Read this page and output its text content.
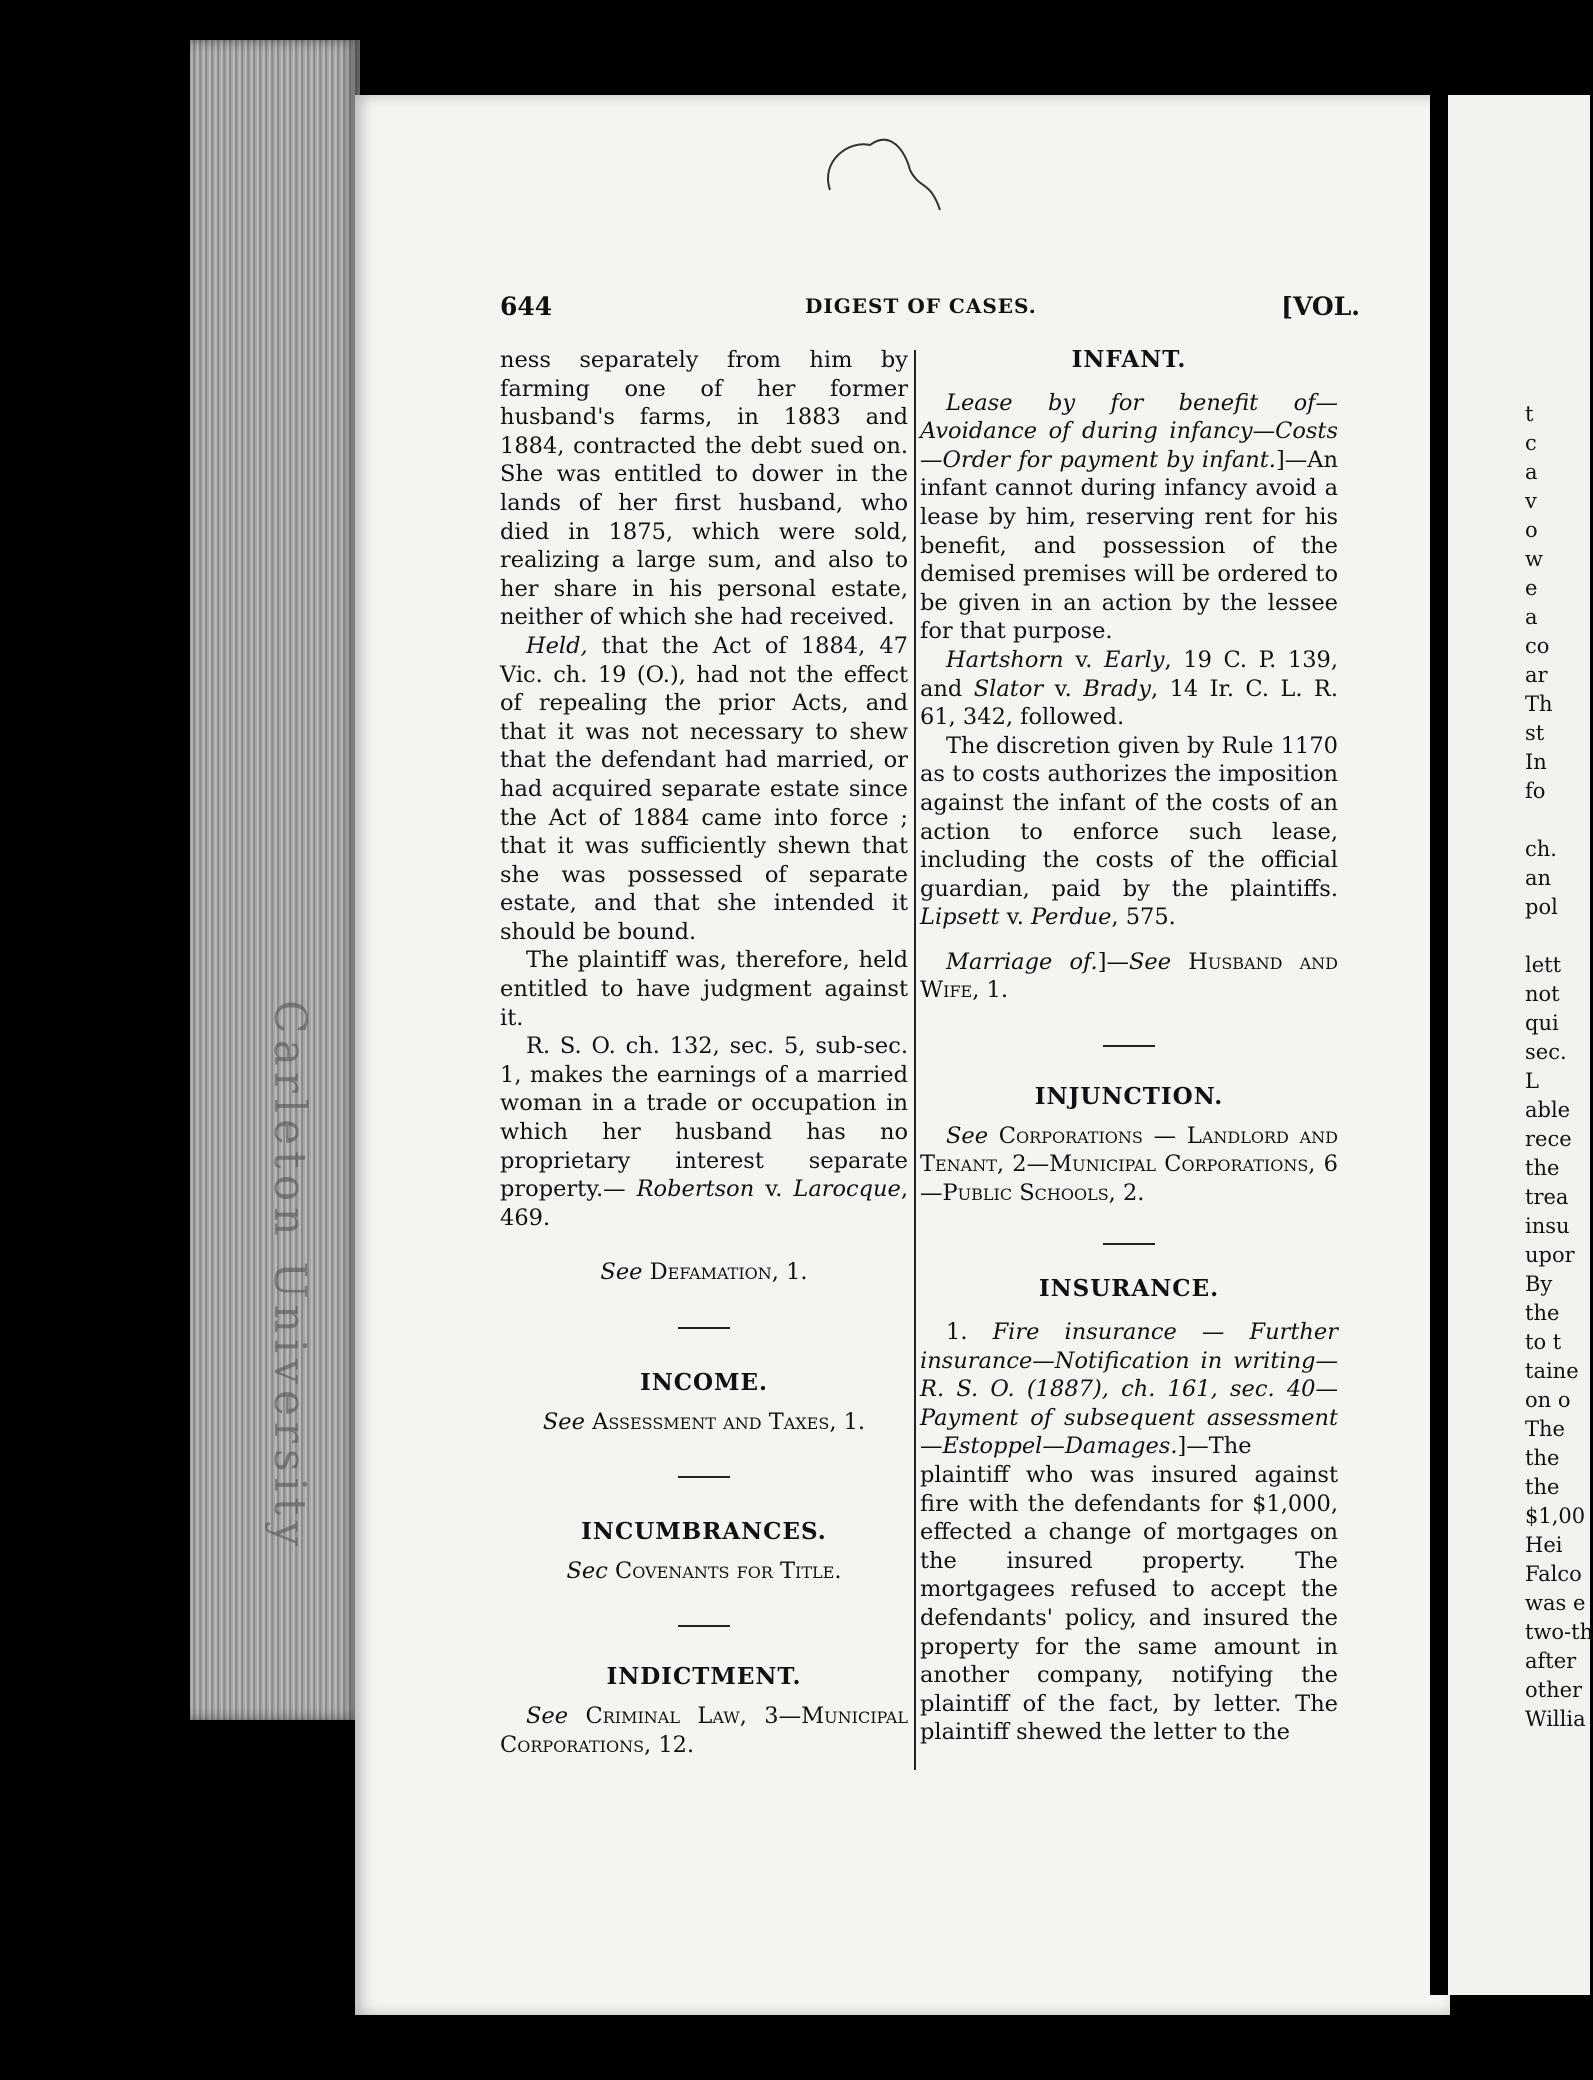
Carleton University
644	DIGEST OF CASES.	[VOL.

ness separately from him by farming one of her former husband's farms, in 1883 and 1884, contracted the debt sued on. She was entitled to dower in the lands of her first husband, who died in 1875, which were sold, realizing a large sum, and also to her share in his personal estate, neither of which she had received.

Held, that the Act of 1884, 47 Vic. ch. 19 (O.), had not the effect of repealing the prior Acts, and that it was not necessary to shew that the defendant had married, or had acquired separate estate since the Act of 1884 came into force ; that it was sufficiently shewn that she was possessed of separate estate, and that she intended it should be bound.

The plaintiff was, therefore, held entitled to have judgment against it.

R. S. O. ch. 132, sec. 5, sub-sec. 1, makes the earnings of a married woman in a trade or occupation in which her husband has no proprietary interest separate property.— Robertson v. Larocque, 469.

See Defamation, 1.

INCOME.

See Assessment and Taxes, 1.

INCUMBRANCES.

Sec Covenants for Title.

INDICTMENT.

See Criminal Law, 3—Municipal Corporations, 12.

INFANT.

Lease by for benefit of—Avoidance of during infancy—Costs—Order for payment by infant.]—An infant cannot during infancy avoid a lease by him, reserving rent for his benefit, and possession of the demised premises will be ordered to be given in an action by the lessee for that purpose.

Hartshorn v. Early, 19 C. P. 139, and Slator v. Brady, 14 Ir. C. L. R. 61, 342, followed.

The discretion given by Rule 1170 as to costs authorizes the imposition against the infant of the costs of an action to enforce such lease, including the costs of the official guardian, paid by the plaintiffs. Lipsett v. Perdue, 575.

Marriage of.]—See Husband and Wife, 1.

INJUNCTION.

See Corporations — Landlord and Tenant, 2—Municipal Corporations, 6—Public Schools, 2.

INSURANCE.

1. Fire insurance — Further insurance—Notification in writing—R. S. O. (1887), ch. 161, sec. 40—Payment of subsequent assessment—Estoppel—Damages.]—The plaintiff who was insured against fire with the defendants for $1,000, effected a change of mortgages on the insured property. The mortgagees refused to accept the defendants' policy, and insured the property for the same amount in another company, notifying the plaintiff of the fact, by letter. The plaintiff shewed the letter to the

t
c
a
v
o
w
e
a
co
ar
Th
st
In
fo

ch.
an
pol

lett
not
qui
sec.
L
able
rece
the
trea
insu
upor
By
the
to t
taine
on o
The
the
the
$1,00
Hei
Falco
was e
two-th
after
other
Willia
